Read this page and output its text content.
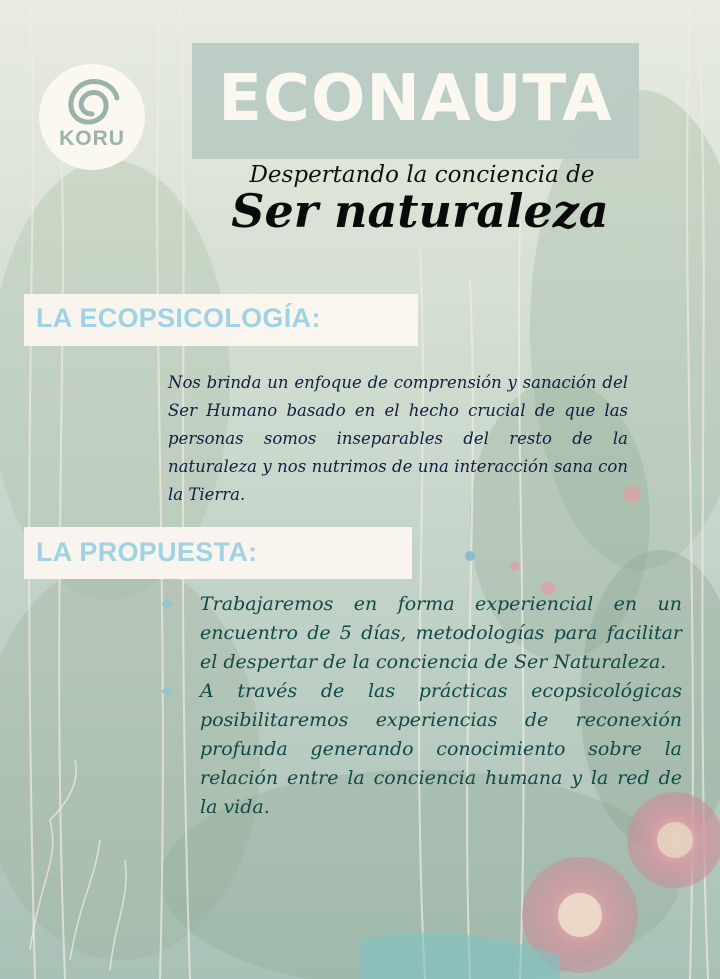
KORU
ECONAUTA
Despertando la conciencia de
Ser naturaleza
LA ECOPSICOLOGÍA:
Nos brinda un enfoque de comprensión y sanación del Ser Humano basado en el hecho crucial de que las personas somos inseparables del resto de la naturaleza y nos nutrimos de una interacción sana con la Tierra.
LA PROPUESTA:
❖ Trabajaremos en forma experiencial en un encuentro de 5 días, metodologías para facilitar el despertar de la conciencia de Ser Naturaleza.
❖ A través de las prácticas ecopsicológicas posibilitaremos experiencias de reconexión profunda generando conocimiento sobre la relación entre la conciencia humana y la red de la vida.
